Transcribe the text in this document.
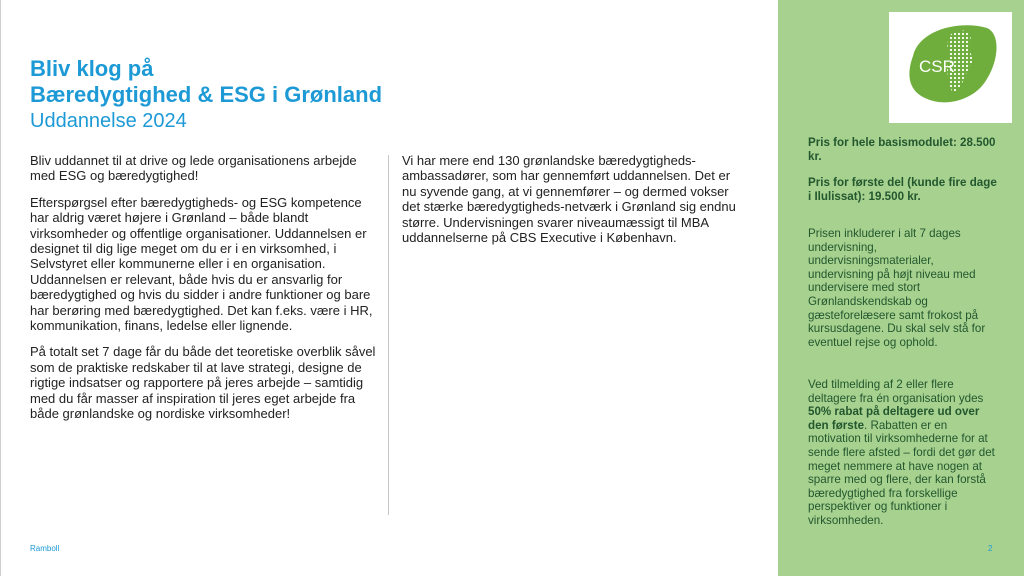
Bliv klog på
Bæredygtighed & ESG i Grønland
Uddannelse 2024

Bliv uddannet til at drive og lede organisationens arbejde med ESG og bæredygtighed!

Efterspørgsel efter bæredygtigheds- og ESG kompetence har aldrig været højere i Grønland – både blandt virksomheder og offentlige organisationer. Uddannelsen er designet til dig lige meget om du er i en virksomhed, i Selvstyret eller kommunerne eller i en organisation. Uddannelsen er relevant, både hvis du er ansvarlig for bæredygtighed og hvis du sidder i andre funktioner og bare har berøring med bæredygtighed. Det kan f.eks. være i HR, kommunikation, finans, ledelse eller lignende.

På totalt set 7 dage får du både det teoretiske overblik såvel som de praktiske redskaber til at lave strategi, designe de rigtige indsatser og rapportere på jeres arbejde – samtidig med du får masser af inspiration til jeres eget arbejde fra både grønlandske og nordiske virksomheder!

Vi har mere end 130 grønlandske bæredygtigheds-ambassadører, som har gennemført uddannelsen. Det er nu syvende gang, at vi gennemfører – og dermed vokser det stærke bæredygtigheds-netværk i Grønland sig endnu større. Undervisningen svarer niveaumæssigt til MBA uddannelserne på CBS Executive i København.

Ramboll
CSR
Pris for hele basismodulet: 28.500 kr.
Pris for første del (kunde fire dage i Ilulissat): 19.500 kr.
Prisen inkluderer i alt 7 dages undervisning, undervisningsmaterialer, undervisning på højt niveau med undervisere med stort Grønlandskendskab og gæsteforelæsere samt frokost på kursusdagene. Du skal selv stå for eventuel rejse og ophold.
Ved tilmelding af 2 eller flere deltagere fra én organisation ydes 50% rabat på deltagere ud over den første. Rabatten er en motivation til virksomhederne for at sende flere afsted – fordi det gør det meget nemmere at have nogen at sparre med og flere, der kan forstå bæredygtighed fra forskellige perspektiver og funktioner i virksomheden.
2
